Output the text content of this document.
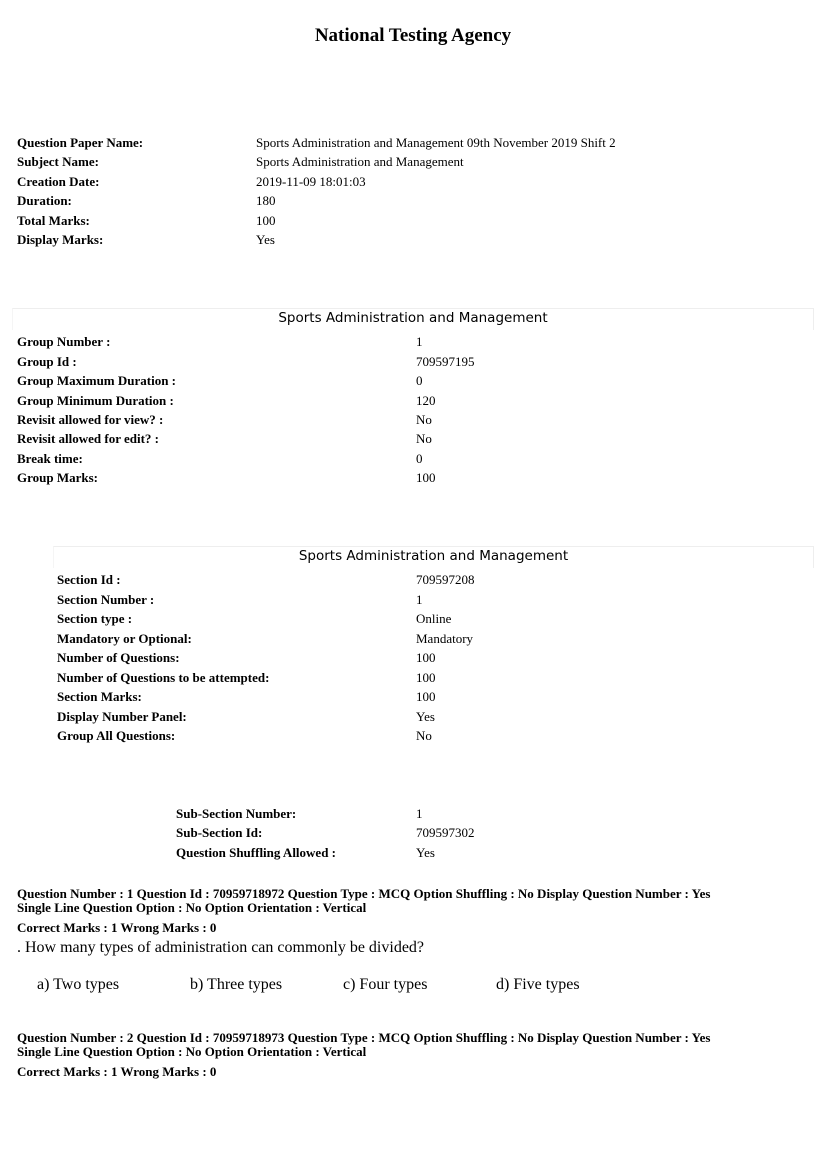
National Testing Agency
Question Paper Name:	Sports Administration and Management 09th November 2019 Shift 2
Subject Name:	Sports Administration and Management
Creation Date:	2019-11-09 18:01:03
Duration:	180
Total Marks:	100
Display Marks:	Yes
Sports Administration and Management
Group Number :	1
Group Id :	709597195
Group Maximum Duration :	0
Group Minimum Duration :	120
Revisit allowed for view? :	No
Revisit allowed for edit? :	No
Break time:	0
Group Marks:	100
Sports Administration and Management
Section Id :	709597208
Section Number :	1
Section type :	Online
Mandatory or Optional:	Mandatory
Number of Questions:	100
Number of Questions to be attempted:	100
Section Marks:	100
Display Number Panel:	Yes
Group All Questions:	No
Sub-Section Number:	1
Sub-Section Id:	709597302
Question Shuffling Allowed :	Yes
Question Number : 1 Question Id : 70959718972 Question Type : MCQ Option Shuffling : No Display Question Number : Yes
Single Line Question Option : No Option Orientation : Vertical
Correct Marks : 1 Wrong Marks : 0
. How many types of administration can commonly be divided?
a) Two types	b) Three types	c) Four types	d) Five types
Question Number : 2 Question Id : 70959718973 Question Type : MCQ Option Shuffling : No Display Question Number : Yes
Single Line Question Option : No Option Orientation : Vertical
Correct Marks : 1 Wrong Marks : 0
